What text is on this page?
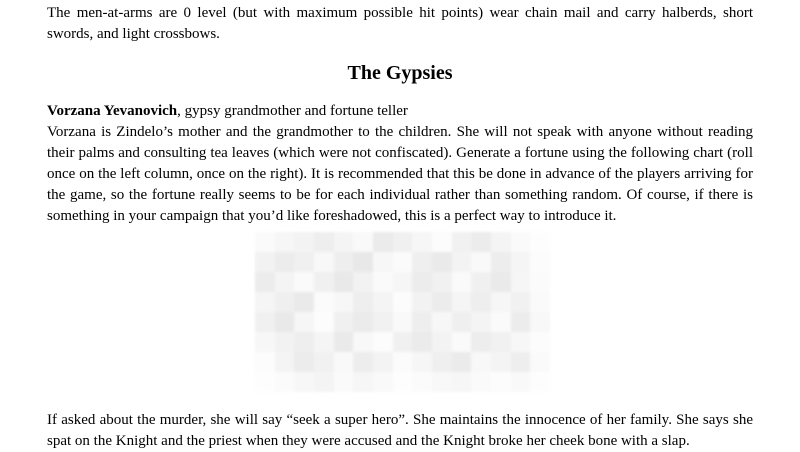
The men-at-arms are 0 level (but with maximum possible hit points) wear chain mail and carry halberds, short swords, and light crossbows.

The Gypsies

Vorzana Yevanovich, gypsy grandmother and fortune teller

Vorzana is Zindelo’s mother and the grandmother to the children. She will not speak with anyone without reading their palms and consulting tea leaves (which were not confiscated). Generate a fortune using the following chart (roll once on the left column, once on the right). It is recommended that this be done in advance of the players arriving for the game, so the fortune really seems to be for each individual rather than something random. Of course, if there is something in your campaign that you’d like foreshadowed, this is a perfect way to introduce it.

If asked about the murder, she will say “seek a super hero”. She maintains the innocence of her family. She says she spat on the Knight and the priest when they were accused and the Knight broke her cheek bone with a slap.
